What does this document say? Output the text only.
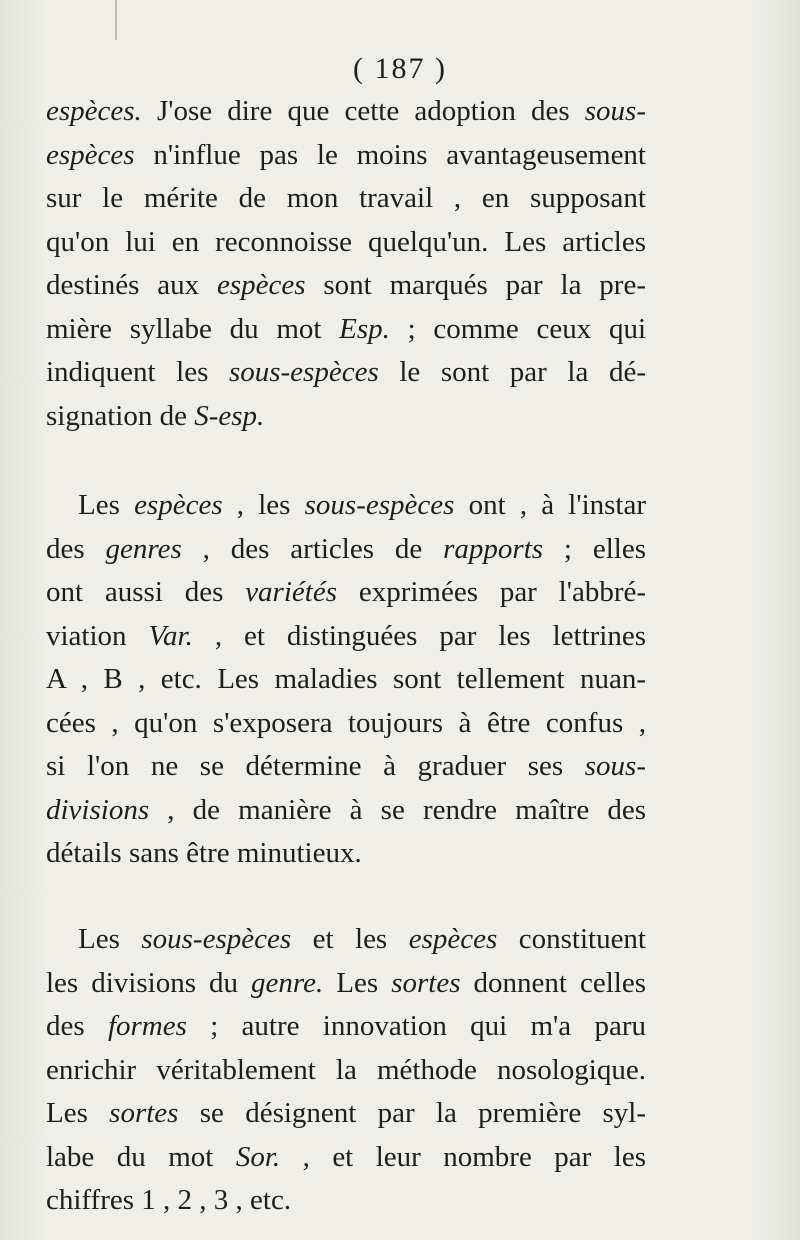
( 187 )
espèces. J'ose dire que cette adoption des sous-
espèces n'influe pas le moins avantageusement
sur le mérite de mon travail , en supposant
qu'on lui en reconnoisse quelqu'un. Les articles
destinés aux espèces sont marqués par la pre-
mière syllabe du mot Esp. ; comme ceux qui
indiquent les sous-espèces le sont par la dé-
signation de S-esp.
Les espèces , les sous-espèces ont , à l'instar
des genres , des articles de rapports ; elles
ont aussi des variétés exprimées par l'abbré-
viation Var. , et distinguées par les lettrines
A , B , etc. Les maladies sont tellement nuan-
cées , qu'on s'exposera toujours à être confus ,
si l'on ne se détermine à graduer ses sous-
divisions , de manière à se rendre maître des
détails sans être minutieux.
Les sous-espèces et les espèces constituent
les divisions du genre. Les sortes donnent celles
des formes ; autre innovation qui m'a paru
enrichir véritablement la méthode nosologique.
Les sortes se désignent par la première syl-
labe du mot Sor. , et leur nombre par les
chiffres 1 , 2 , 3 , etc.
